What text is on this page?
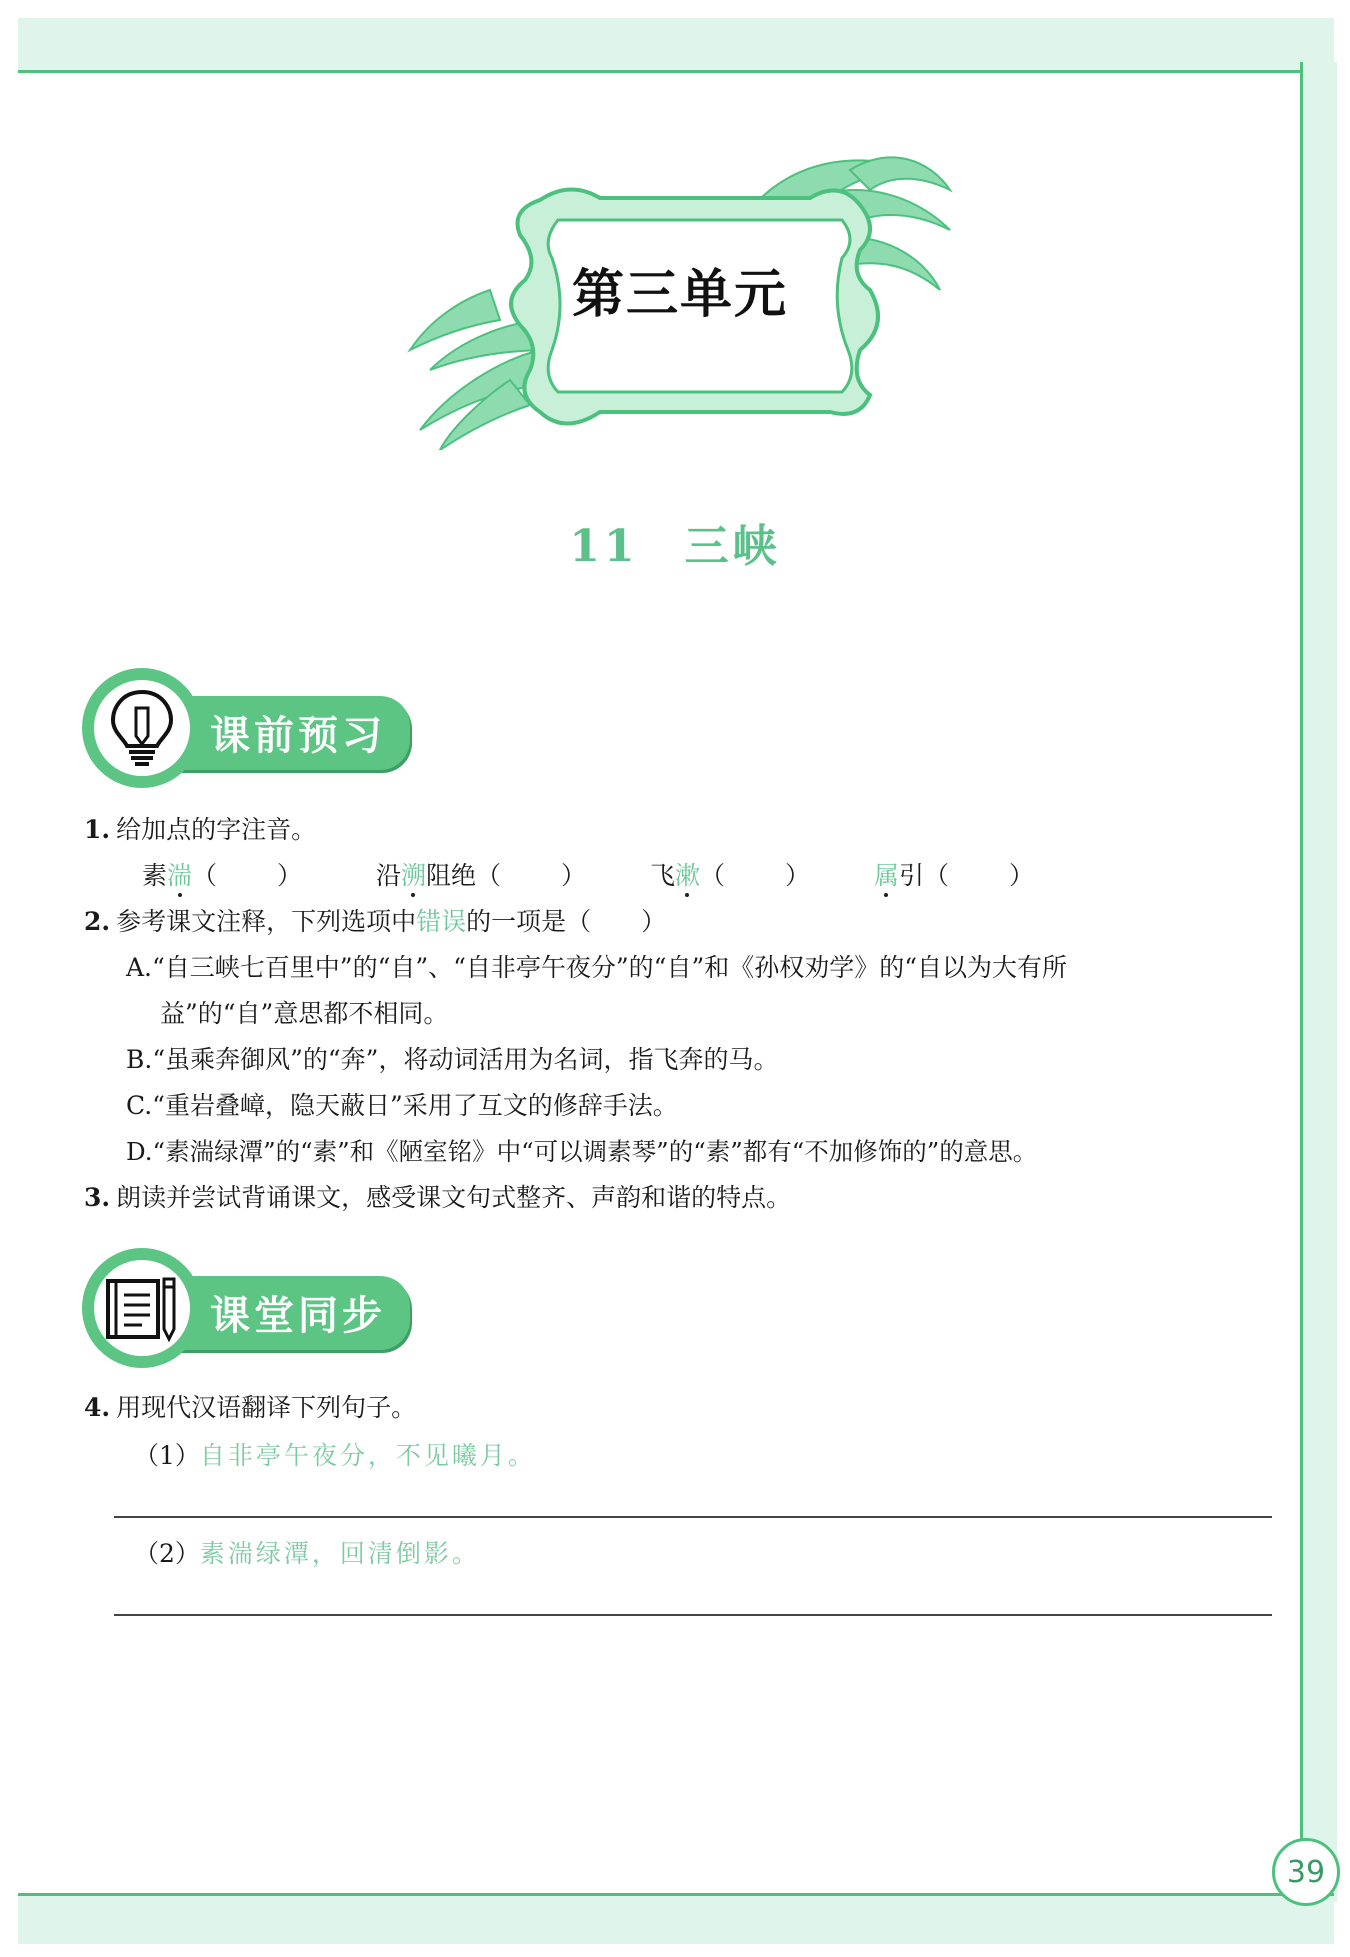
39
第三单元
11 三峡
课前预习
1. 给加点的字注音。
素湍（ ）	沿溯阻绝（ ）	飞漱（ ）	属引（ ）
2. 参考课文注释，下列选项中错误的一项是（　　）
A.“自三峡七百里中”的“自”、“自非亭午夜分”的“自”和《孙权劝学》的“自以为大有所
益”的“自”意思都不相同。
B.“虽乘奔御风”的“奔”，将动词活用为名词，指飞奔的马。
C.“重岩叠嶂，隐天蔽日”采用了互文的修辞手法。
D.“素湍绿潭”的“素”和《陋室铭》中“可以调素琴”的“素”都有“不加修饰的”的意思。
3. 朗读并尝试背诵课文，感受课文句式整齐、声韵和谐的特点。
课堂同步
4. 用现代汉语翻译下列句子。
（1）自非亭午夜分，不见曦月。
（2）素湍绿潭，回清倒影。
